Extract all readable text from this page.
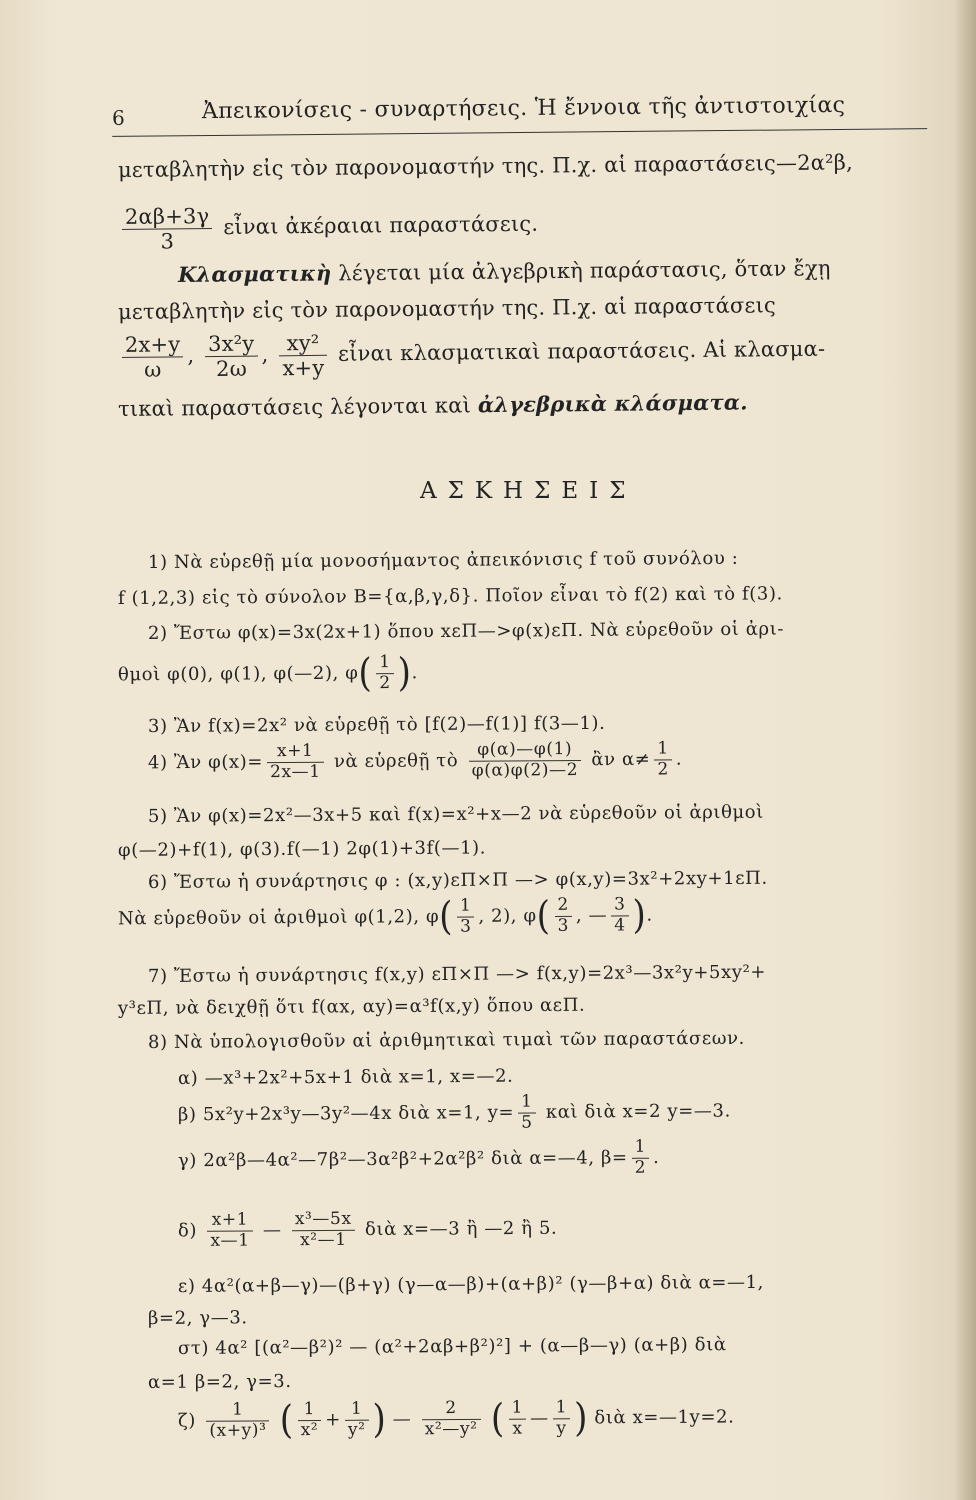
6	Ἀπεικονίσεις - συναρτήσεις. Ἡ ἔννοια τῆς ἀντιστοιχίας
μεταβλητὴν εἰς τὸν παρονομαστήν της. Π.χ. αἱ παραστάσεις—2α²β,
$\frac{2\alpha\beta+3\gamma}{3}$ εἶναι ἀκέραιαι παραστάσεις.
Κλασματικὴ λέγεται μία ἀλγεβρικὴ παράστασις, ὅταν ἔχῃ
μεταβλητὴν εἰς τὸν παρονομαστήν της. Π.χ. αἱ παραστάσεις
$\frac{2x+y}{\omega}$ , $\frac{\text{3x²y}}{2\omega}$ , $\frac{\text{xy²}}{x+y}$ εἶναι κλασματικαὶ παραστάσεις. Αἱ κλασμα-
τικαὶ παραστάσεις λέγονται καὶ ἀλγεβρικὰ κλάσματα.
ΑΣΚΗΣΕΙΣ
1) Νὰ εὑρεθῇ μία μονοσήμαντος ἀπεικόνισις f τοῦ συνόλου :
f (1,2,3) εἰς τὸ σύνολον Β={α,β,γ,δ}. Ποῖον εἶναι τὸ f(2) καὶ τὸ f(3).
2) Ἔστω φ(x)=3x(2x+1) ὅπου xεΠ—>φ(x)εΠ. Νὰ εὑρεθοῦν οἱ ἀρι-
θμοὶ φ(0), φ(1), φ(—2), $\varphi( \frac{1}{2}$ ).
3) Ἂν f(x)=2x² νὰ εὑρεθῇ τὸ [f(2)—f(1)] f(3—1).
4) Ἂν $\varphi(x)= \frac{x+1}{2x—1}$ νὰ εὑρεθῇ τὸ $\frac{\varphi(\alpha)—\varphi(1)}{\varphi(\alpha)\varphi(2)—2}$ ἂν $\alpha\ne \frac{1}{2}$ .
5) Ἂν φ(x)=2x²—3x+5 καὶ f(x)=x²+x—2 νὰ εὑρεθοῦν οἱ ἀριθμοὶ
φ(—2)+f(1), φ(3).f(—1) 2φ(1)+3f(—1).
6) Ἔστω ἡ συνάρτησις φ : (x,y)εΠ×Π —> φ(x,y)=3x²+2xy+1εΠ.
Νὰ εὑρεθοῦν οἱ ἀριθμοὶ φ(1,2), $\varphi( \frac{1}{3}$ , 2), $\varphi( \frac{2}{3}$ , — $\frac{3}{4}$ ).
7) Ἔστω ἡ συνάρτησις f(x,y) εΠ×Π —> f(x,y)=2x³—3x²y+5xy²+
y³εΠ, νὰ δειχθῇ ὅτι f(αx, αy)=α³f(x,y) ὅπου αεΠ.
8) Νὰ ὑπολογισθοῦν αἱ ἀριθμητικαὶ τιμαὶ τῶν παραστάσεων.
α) —x³+2x²+5x+1 διὰ x=1, x=—2.
β) 5x²y+2x³y—3y²—4x διὰ x=1, $y= \frac{1}{5}$ καὶ διὰ x=2 y=—3.
γ) 2α²β—4α²—7β²—3α²β²+2α²β² διὰ α=—4, $\beta= \frac{1}{2}$ .
$\delta) \frac{x+1}{x—1}$ — $\frac{\text{x³—5x}}{\text{x²—1}}$ διὰ x=—3 ἢ —2 ἢ 5.
ε) 4α²(α+β—γ)—(β+γ) (γ—α—β)+(α+β)² (γ—β+α) διὰ α=—1,
β=2, γ—3.
στ) 4α² [(α²—β²)² — (α²+2αβ+β²)²] + (α—β—γ) (α+β) διὰ
α=1 β=2, γ=3.
$\zeta) \frac{1}{\text{(x+y)³}}$ ( $\frac{1}{\text{x²}} + \frac{1}{\text{y²}}$ ) — $\frac{2}{\text{x²—y²}}$ ( $\frac{1}{x}$ — $\frac{1}{y}$ ) διὰ x=—1y=2.
